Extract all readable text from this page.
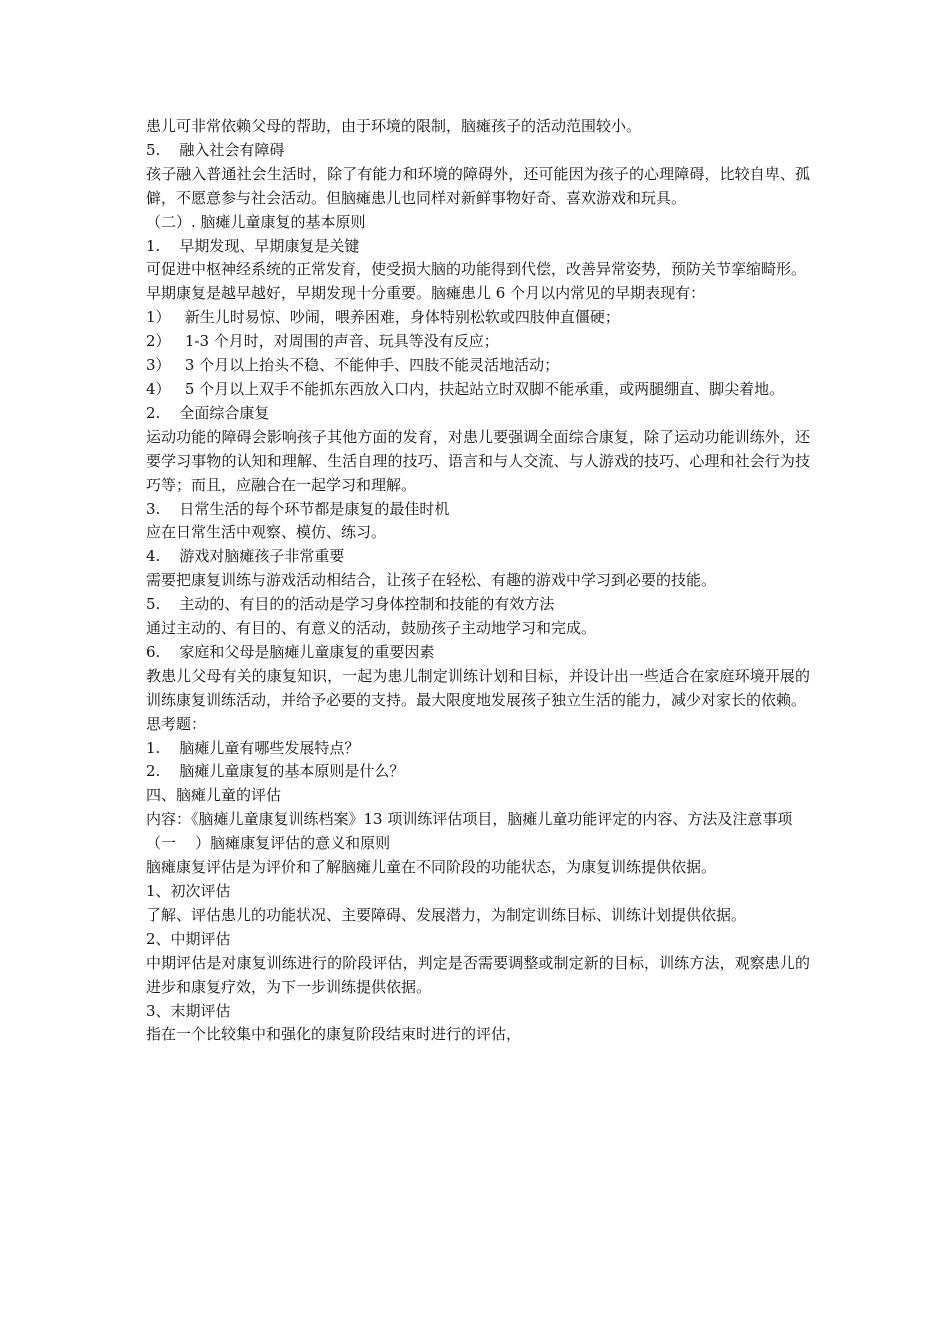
患儿可非常依赖父母的帮助，由于环境的限制，脑瘫孩子的活动范围较小。

5.    融入社会有障碍

孩子融入普通社会生活时，除了有能力和环境的障碍外，还可能因为孩子的心理障碍，比较自卑、孤僻，不愿意参与社会活动。但脑瘫患儿也同样对新鲜事物好奇、喜欢游戏和玩具。

（二）. 脑瘫儿童康复的基本原则

1.    早期发现、早期康复是关键

可促进中枢神经系统的正常发育，使受损大脑的功能得到代偿，改善异常姿势，预防关节挛缩畸形。

早期康复是越早越好，早期发现十分重要。脑瘫患儿 6 个月以内常见的早期表现有：

1）   新生儿时易惊、吵闹，喂养困难，身体特别松软或四肢伸直僵硬；

2）   1-3 个月时，对周围的声音、玩具等没有反应；

3）   3 个月以上抬头不稳、不能伸手、四肢不能灵活地活动；

4）   5 个月以上双手不能抓东西放入口内，扶起站立时双脚不能承重，或两腿绷直、脚尖着地。

2.    全面综合康复

运动功能的障碍会影响孩子其他方面的发育，对患儿要强调全面综合康复，除了运动功能训练外，还要学习事物的认知和理解、生活自理的技巧、语言和与人交流、与人游戏的技巧、心理和社会行为技巧等；而且，应融合在一起学习和理解。

3.    日常生活的每个环节都是康复的最佳时机

应在日常生活中观察、模仿、练习。

4.    游戏对脑瘫孩子非常重要

需要把康复训练与游戏活动相结合，让孩子在轻松、有趣的游戏中学习到必要的技能。

5.    主动的、有目的的活动是学习身体控制和技能的有效方法

通过主动的、有目的、有意义的活动，鼓励孩子主动地学习和完成。

6.    家庭和父母是脑瘫儿童康复的重要因素

教患儿父母有关的康复知识，一起为患儿制定训练计划和目标，并设计出一些适合在家庭环境开展的训练康复训练活动，并给予必要的支持。最大限度地发展孩子独立生活的能力，减少对家长的依赖。

思考题：

1.    脑瘫儿童有哪些发展特点？

2.    脑瘫儿童康复的基本原则是什么？

四、脑瘫儿童的评估

内容：《脑瘫儿童康复训练档案》13 项训练评估项目，脑瘫儿童功能评定的内容、方法及注意事项

（一    ）脑瘫康复评估的意义和原则

脑瘫康复评估是为评价和了解脑瘫儿童在不同阶段的功能状态，为康复训练提供依据。

1、初次评估

了解、评估患儿的功能状况、主要障碍、发展潜力，为制定训练目标、训练计划提供依据。

2、中期评估

中期评估是对康复训练进行的阶段评估，判定是否需要调整或制定新的目标，训练方法，观察患儿的进步和康复疗效，为下一步训练提供依据。

3、末期评估

指在一个比较集中和强化的康复阶段结束时进行的评估，
